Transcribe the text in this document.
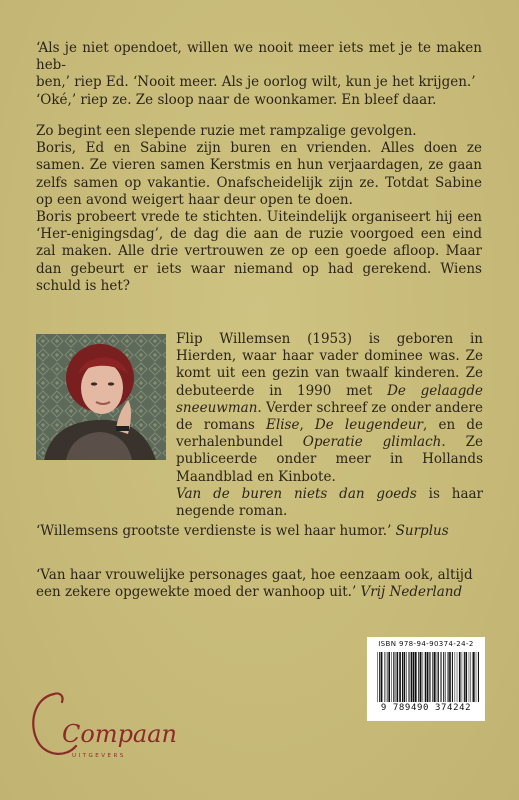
‘Als je niet opendoet, willen we nooit meer iets met je te maken heb-

ben,’ riep Ed. ‘Nooit meer. Als je oorlog wilt, kun je het krijgen.’

‘Oké,’ riep ze. Ze sloop naar de woonkamer. En bleef daar.

Zo begint een slepende ruzie met rampzalige gevolgen.

Boris, Ed en Sabine zijn buren en vrienden. Alles doen ze samen. Ze vieren samen Kerstmis en hun verjaardagen, ze gaan zelfs samen op vakantie. Onafscheidelijk zijn ze. Totdat Sabine op een avond weigert haar deur open te doen.

Boris probeert vrede te stichten. Uiteindelijk organiseert hij een ‘Her-enigingsdag’, de dag die aan de ruzie voorgoed een eind zal maken. Alle drie vertrouwen ze op een goede afloop. Maar dan gebeurt er iets waar niemand op had gerekend. Wiens schuld is het?

Flip Willemsen (1953) is geboren in Hierden, waar haar vader dominee was. Ze komt uit een gezin van twaalf kinderen. Ze debuteerde in 1990 met De gelaagde sneeuwman. Verder schreef ze onder andere de romans Elise, De leugendeur, en de verhalenbundel Operatie glimlach. Ze publiceerde onder meer in Hollands Maandblad en Kinbote.
Van de buren niets dan goeds is haar negende roman.

‘Willemsens grootste verdienste is wel haar humor.’ Surplus
‘Van haar vrouwelijke personages gaat, hoe eenzaam ook, altijd een zekere opgewekte moed der wanhoop uit.’ Vrij Nederland
ISBN 978-94-90374-24-2
9 789490 374242
Compaan
UITGEVERS
